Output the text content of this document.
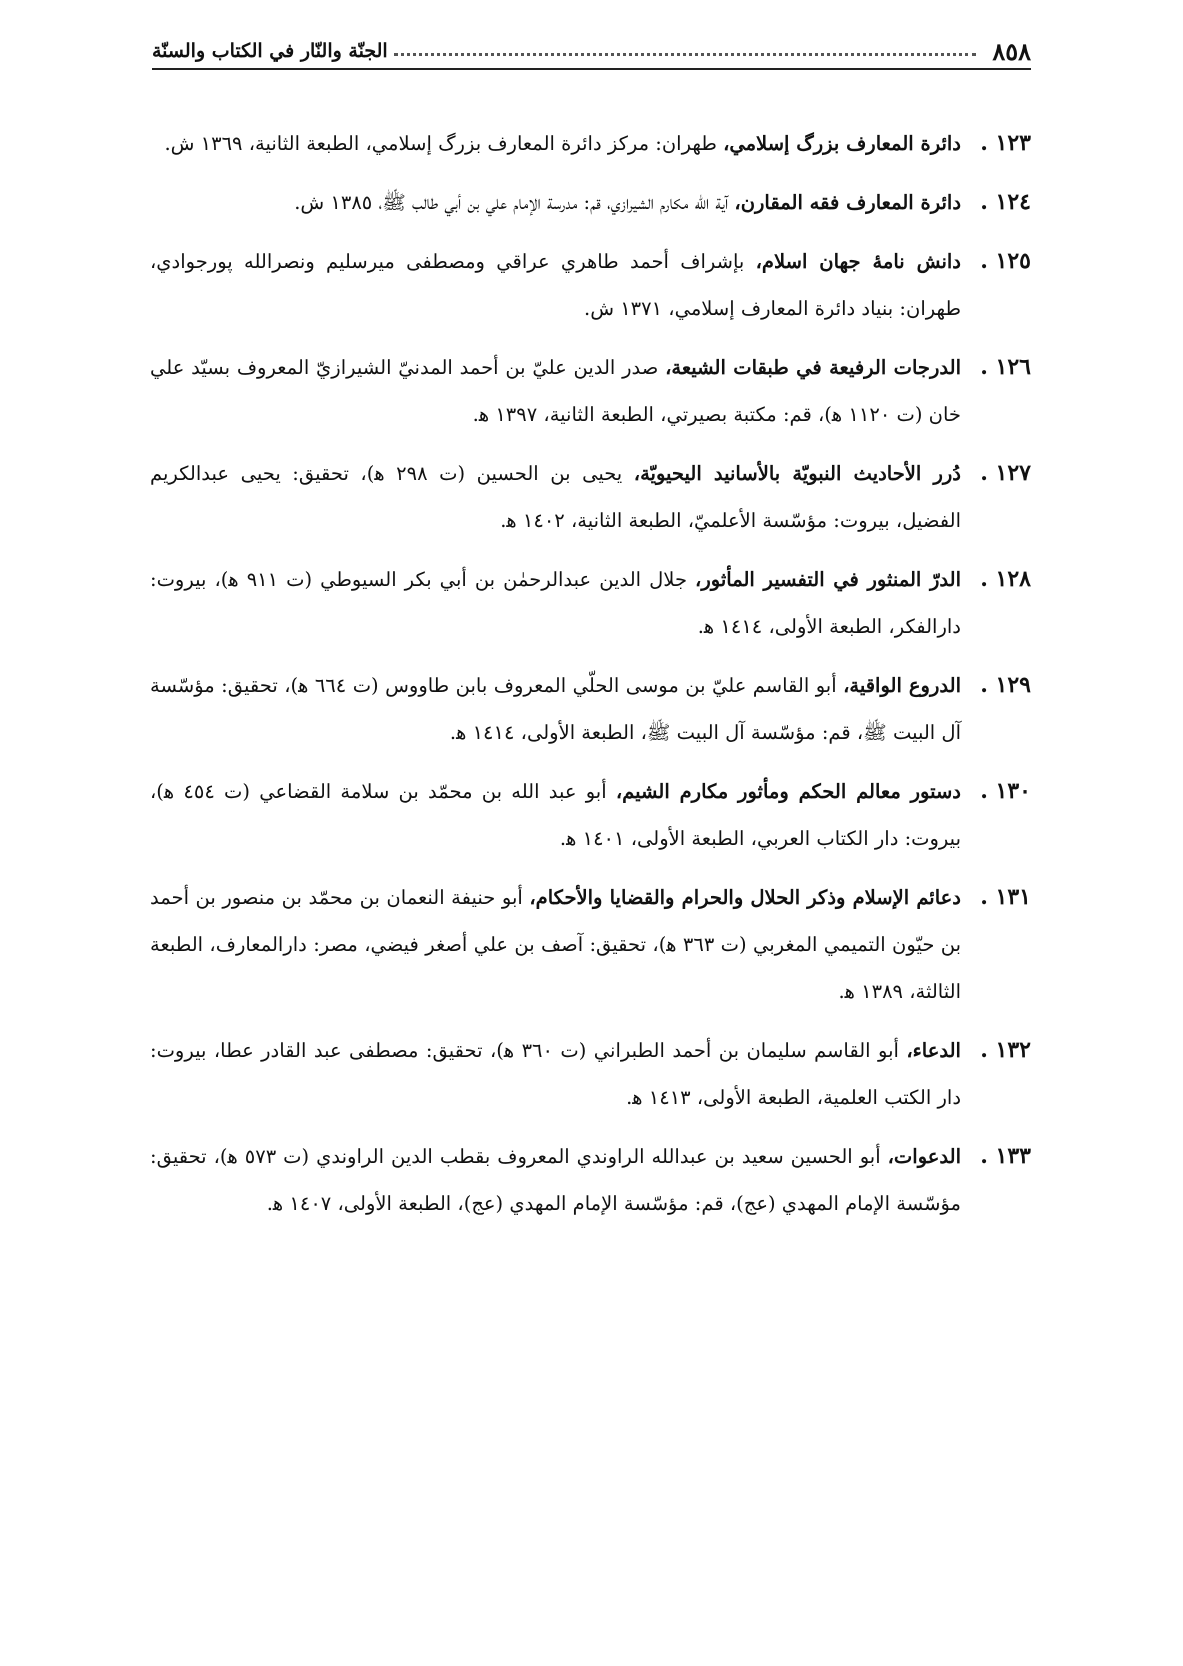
٨٥٨
الجنّة والنّار في الكتاب والسنّة
١٢٣ .
دائرة المعارف بزرگ إسلامي، طهران: مركز دائرة المعارف بزرگ إسلامي، الطبعة الثانية، ١٣٦٩ ش.
١٢٤ .
دائرة المعارف فقه المقارن، آية الله مكارم الشيرازي، قم: مدرسة الإمام علي بن أبي طالب ﷺ، ١٣٨٥ ش.
١٢٥ .
دانش نامهٔ جهان اسلام، بإشراف أحمد طاهري عراقي ومصطفى ميرسليم ونصرالله پورجوادي، طهران: بنياد دائرة المعارف إسلامي، ١٣٧١ ش.
١٢٦ .
الدرجات الرفيعة في طبقات الشيعة، صدر الدين عليّ بن أحمد المدنيّ الشيرازيّ المعروف بسيّد علي خان (ت ١١٢٠ ه‍)، قم: مكتبة بصيرتي، الطبعة الثانية، ١٣٩٧ ه‍.
١٢٧ .
دُرر الأحاديث النبويّة بالأسانيد اليحيويّة، يحيى بن الحسين (ت ٢٩٨ ه‍)، تحقيق: يحيى عبدالكريم الفضيل، بيروت: مؤسّسة الأعلميّ، الطبعة الثانية، ١٤٠٢ ه‍.
١٢٨ .
الدرّ المنثور في التفسير المأثور، جلال الدين عبدالرحمٰن بن أبي بكر السيوطي (ت ٩١١ ه‍)، بيروت: دارالفكر، الطبعة الأولى، ١٤١٤ ه‍.
١٢٩ .
الدروع الواقية، أبو القاسم عليّ بن موسى الحلّي المعروف بابن طاووس (ت ٦٦٤ ه‍)، تحقيق: مؤسّسة آل البيت ﷺ، قم: مؤسّسة آل البيت ﷺ، الطبعة الأولى، ١٤١٤ ه‍.
١٣٠ .
دستور معالم الحكم ومأثور مكارم الشيم، أبو عبد الله بن محمّد بن سلامة القضاعي (ت ٤٥٤ ه‍)، بيروت: دار الكتاب العربي، الطبعة الأولى، ١٤٠١ ه‍.
١٣١ .
دعائم الإسلام وذكر الحلال والحرام والقضايا والأحكام، أبو حنيفة النعمان بن محمّد بن منصور بن أحمد بن حيّون التميمي المغربي (ت ٣٦٣ ه‍)، تحقيق: آصف بن علي أصغر فيضي، مصر: دارالمعارف، الطبعة الثالثة، ١٣٨٩ ه‍.
١٣٢ .
الدعاء، أبو القاسم سليمان بن أحمد الطبراني (ت ٣٦٠ ه‍)، تحقيق: مصطفى عبد القادر عطا، بيروت: دار الكتب العلمية، الطبعة الأولى، ١٤١٣ ه‍.
١٣٣ .
الدعوات، أبو الحسين سعيد بن عبدالله الراوندي المعروف بقطب الدين الراوندي (ت ٥٧٣ ه‍)، تحقيق: مؤسّسة الإمام المهدي (عج)، قم: مؤسّسة الإمام المهدي (عج)، الطبعة الأولى، ١٤٠٧ ه‍.
